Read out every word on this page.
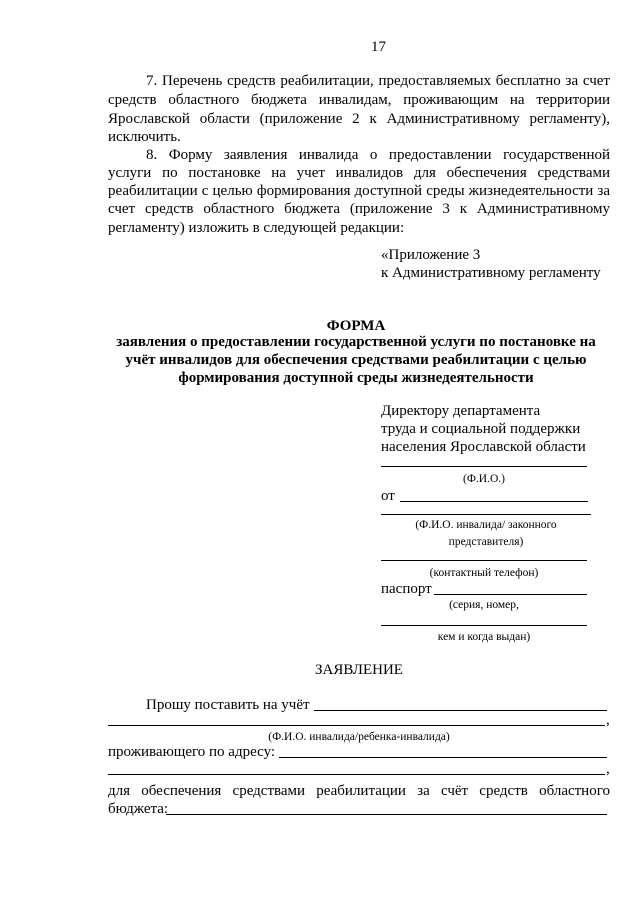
17
7. Перечень средств реабилитации, предоставляемых бесплатно за счет
средств областного бюджета инвалидам, проживающим на территории
Ярославской области (приложение 2 к Административному регламенту),
исключить.
8. Форму заявления инвалида о предоставлении государственной
услуги по постановке на учет инвалидов для обеспечения средствами
реабилитации с целью формирования доступной среды жизнедеятельности за
счет средств областного бюджета (приложение 3 к Административному
регламенту) изложить в следующей редакции:
«Приложение 3
к Административному регламенту
ФОРМА
заявления о предоставлении государственной услуги по постановке на
учёт инвалидов для обеспечения средствами реабилитации с целью
формирования доступной среды жизнедеятельности
Директору департамента
труда и социальной поддержки
населения Ярославской области
(Ф.И.О.)
от
(Ф.И.О. инвалида/ законного
представителя)
(контактный телефон)
паспорт
(серия, номер,
кем и когда выдан)
ЗАЯВЛЕНИЕ
Прошу поставить на учёт
,
(Ф.И.О. инвалида/ребенка-инвалида)
проживающего по адресу:
,
для обеспечения средствами реабилитации за счёт средств областного
бюджета:
